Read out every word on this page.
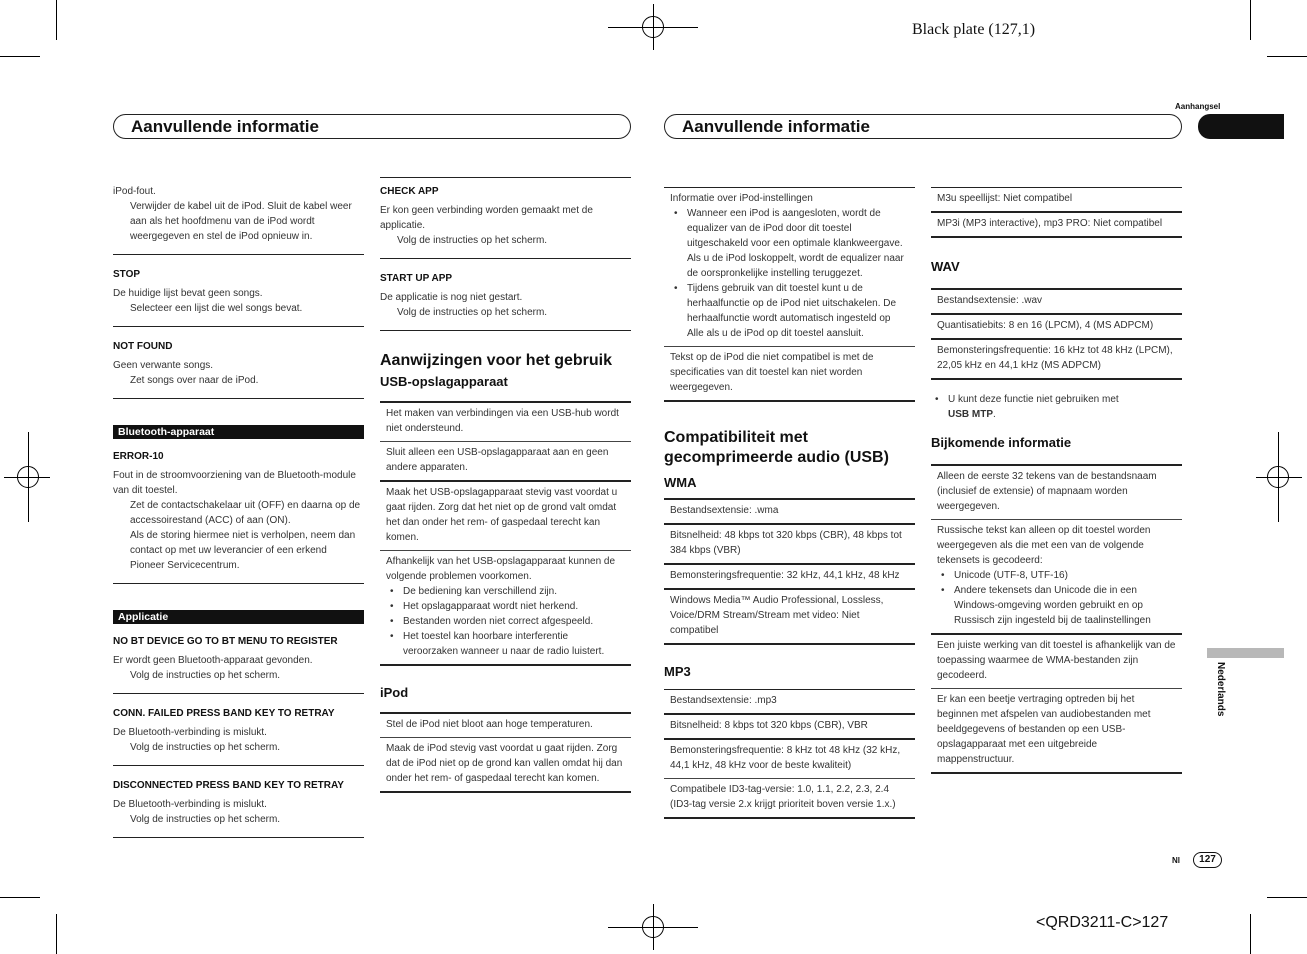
Black plate (127,1)
<QRD3211-C>127
Aanhangsel
Nederlands
Aanvullende informatie	Aanvullende informatie
iPod-fout.
Verwijder de kabel uit de iPod. Sluit de kabel weer aan als het hoofdmenu van de iPod wordt weergegeven en stel de iPod opnieuw in.
STOP
De huidige lijst bevat geen songs.
Selecteer een lijst die wel songs bevat.
NOT FOUND
Geen verwante songs.
Zet songs over naar de iPod.
Bluetooth-apparaat
ERROR-10
Fout in de stroomvoorziening van de Bluetooth-module van dit toestel.
Zet de contactschakelaar uit (OFF) en daarna op de accessoirestand (ACC) of aan (ON).
Als de storing hiermee niet is verholpen, neem dan contact op met uw leverancier of een erkend Pioneer Servicecentrum.
Applicatie
NO BT DEVICE GO TO BT MENU TO REGISTER
Er wordt geen Bluetooth-apparaat gevonden.
Volg de instructies op het scherm.
CONN. FAILED PRESS BAND KEY TO RETRAY
De Bluetooth-verbinding is mislukt.
Volg de instructies op het scherm.
DISCONNECTED PRESS BAND KEY TO RETRAY
De Bluetooth-verbinding is mislukt.
Volg de instructies op het scherm.
CHECK APP
Er kon geen verbinding worden gemaakt met de applicatie.
Volg de instructies op het scherm.
START UP APP
De applicatie is nog niet gestart.
Volg de instructies op het scherm.
Aanwijzingen voor het gebruik
USB-opslagapparaat
Het maken van verbindingen via een USB-hub wordt niet ondersteund.
Sluit alleen een USB-opslagapparaat aan en geen andere apparaten.
Maak het USB-opslagapparaat stevig vast voordat u gaat rijden. Zorg dat het niet op de grond valt omdat het dan onder het rem- of gaspedaal terecht kan komen.
Afhankelijk van het USB-opslagapparaat kunnen de volgende problemen voorkomen.
• De bediening kan verschillend zijn.
• Het opslagapparaat wordt niet herkend.
• Bestanden worden niet correct afgespeeld.
• Het toestel kan hoorbare interferentie veroorzaken wanneer u naar de radio luistert.
iPod
Stel de iPod niet bloot aan hoge temperaturen.
Maak de iPod stevig vast voordat u gaat rijden. Zorg dat de iPod niet op de grond kan vallen omdat hij dan onder het rem- of gaspedaal terecht kan komen.
Informatie over iPod-instellingen
• Wanneer een iPod is aangesloten, wordt de equalizer van de iPod door dit toestel uitgeschakeld voor een optimale klankweergave. Als u de iPod loskoppelt, wordt de equalizer naar de oorspronkelijke instelling teruggezet.
• Tijdens gebruik van dit toestel kunt u de herhaalfunctie op de iPod niet uitschakelen. De herhaalfunctie wordt automatisch ingesteld op Alle als u de iPod op dit toestel aansluit.
Tekst op de iPod die niet compatibel is met de specificaties van dit toestel kan niet worden weergegeven.
Compatibiliteit met
gecomprimeerde audio (USB)
WMA
Bestandsextensie: .wma
Bitsnelheid: 48 kbps tot 320 kbps (CBR), 48 kbps tot 384 kbps (VBR)
Bemonsteringsfrequentie: 32 kHz, 44,1 kHz, 48 kHz
Windows Media™ Audio Professional, Lossless, Voice/DRM Stream/Stream met video: Niet compatibel
MP3
Bestandsextensie: .mp3
Bitsnelheid: 8 kbps tot 320 kbps (CBR), VBR
Bemonsteringsfrequentie: 8 kHz tot 48 kHz (32 kHz, 44,1 kHz, 48 kHz voor de beste kwaliteit)
Compatibele ID3-tag-versie: 1.0, 1.1, 2.2, 2.3, 2.4 (ID3-tag versie 2.x krijgt prioriteit boven versie 1.x.)
M3u speellijst: Niet compatibel
MP3i (MP3 interactive), mp3 PRO: Niet compatibel
WAV
Bestandsextensie: .wav
Quantisatiebits: 8 en 16 (LPCM), 4 (MS ADPCM)
Bemonsteringsfrequentie: 16 kHz tot 48 kHz (LPCM), 22,05 kHz en 44,1 kHz (MS ADPCM)
• U kunt deze functie niet gebruiken met
USB MTP.
Bijkomende informatie
Alleen de eerste 32 tekens van de bestandsnaam (inclusief de extensie) of mapnaam worden weergegeven.
Russische tekst kan alleen op dit toestel worden weergegeven als die met een van de volgende tekensets is gecodeerd:
• Unicode (UTF-8, UTF-16)
• Andere tekensets dan Unicode die in een Windows-omgeving worden gebruikt en op Russisch zijn ingesteld bij de taalinstellingen
Een juiste werking van dit toestel is afhankelijk van de toepassing waarmee de WMA-bestanden zijn gecodeerd.
Er kan een beetje vertraging optreden bij het beginnen met afspelen van audiobestanden met beeldgegevens of bestanden op een USB-opslagapparaat met een uitgebreide mappenstructuur.
Nl	127
